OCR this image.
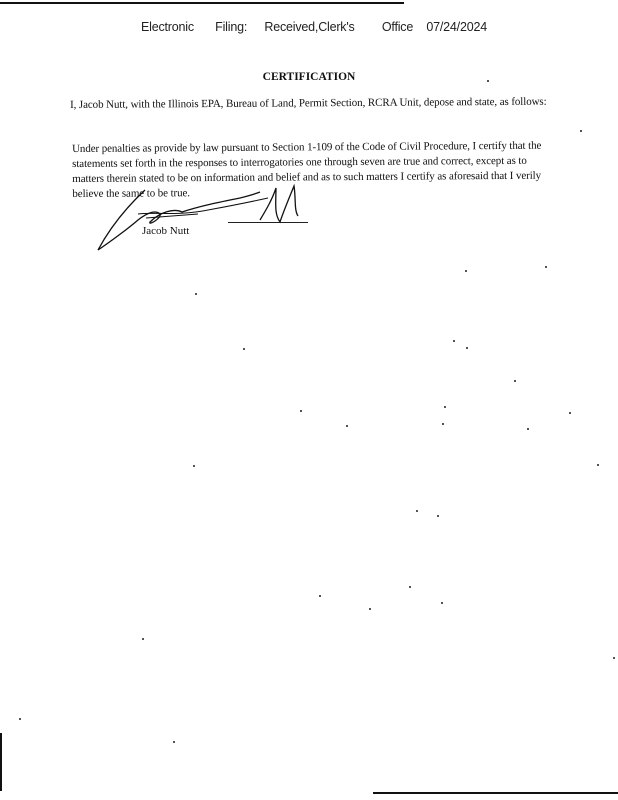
Electronic Filing: Received,Clerk's Office 07/24/2024
CERTIFICATION
I, Jacob Nutt, with the Illinois EPA, Bureau of Land, Permit Section, RCRA Unit, depose and state, as follows:
Under penalties as provide by law pursuant to Section 1-109 of the Code of Civil Procedure, I certify that the statements set forth in the responses to interrogatories one through seven are true and correct, except as to matters therein stated to be on information and belief and as to such matters I certify as aforesaid that I verily believe the same to be true.
Jacob Nutt
